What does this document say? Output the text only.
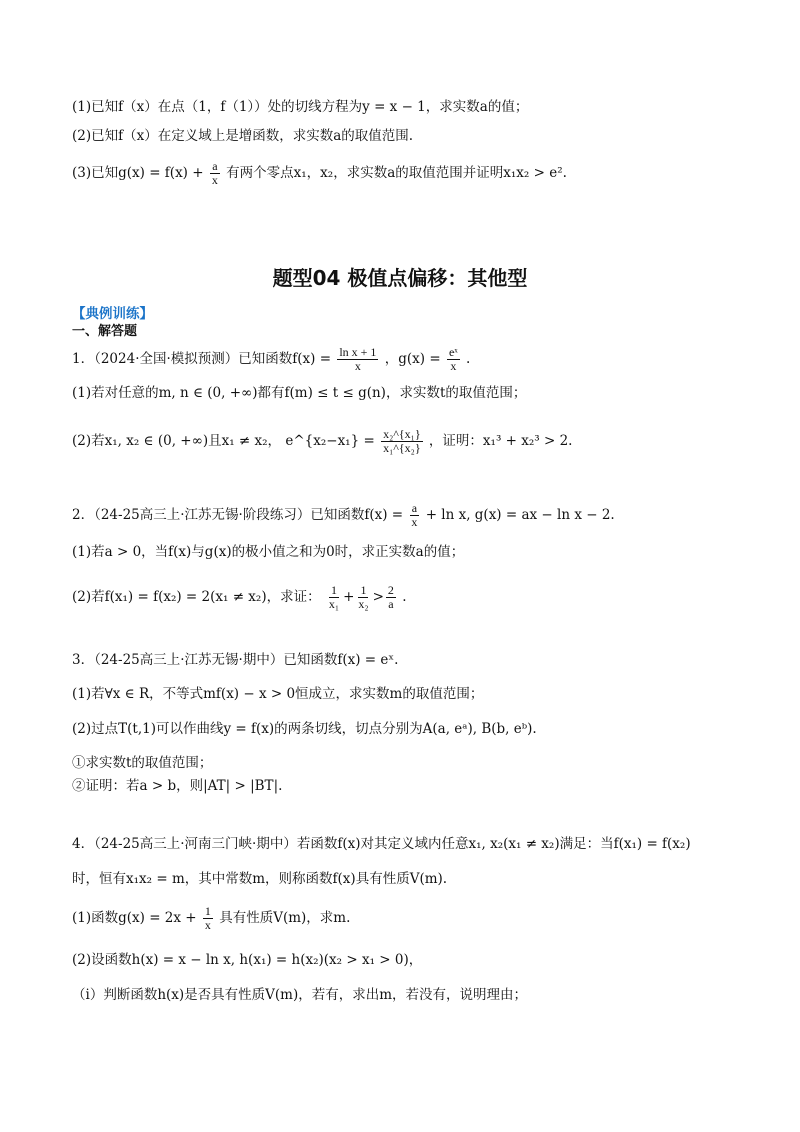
(1)已知f（x）在点（1，f（1））处的切线方程为y = x − 1，求实数a的值；
(2)已知f（x）在定义域上是增函数，求实数a的取值范围.
(3)已知$g(x) = f(x) + \frac{a}{x}$ 有两个零点x₁，x₂，求实数a的取值范围并证明x₁x₂ > e².
题型04 极值点偏移：其他型
【典例训练】
一、解答题
1．（2024·全国·模拟预测）已知函数$f(x) = \frac{\text{ln x + 1}}{x}$ ，$g(x) = \frac{\text{eˣ}}{x}$ .
(1)若对任意的m, n ∈ (0, +∞)都有f(m) ≤ t ≤ g(n)，求实数t的取值范围；
(2)若x₁, x₂ ∈ (0, +∞)且x₁ ≠ x₂， e^{x₂−x₁} = $\frac{\text{x₂\textasciicircum{}\{x₁\}}}{\text{x₁\textasciicircum{}\{x₂\}}}$ ，证明：x₁³ + x₂³ > 2.
2．（24-25高三上·江苏无锡·阶段练习）已知函数$f(x) = \frac{a}{x} + \ln x$, g(x) = ax − ln x − 2.
(1)若a > 0，当f(x)与g(x)的极小值之和为0时，求正实数a的值；
(2)若f(x₁) = f(x₂) = 2(x₁ ≠ x₂)，求证： $\frac{1}{\text{x₁}} + \frac{1}{\text{x₂}} > \frac{2}{a}$ .
3．（24-25高三上·江苏无锡·期中）已知函数f(x) = eˣ.
(1)若∀x ∈ R，不等式mf(x) − x > 0恒成立，求实数m的取值范围；
(2)过点T(t,1)可以作曲线y = f(x)的两条切线，切点分别为A(a, eᵃ), B(b, eᵇ).
①求实数t的取值范围；
②证明：若a > b，则|AT| > |BT|.
4．（24-25高三上·河南三门峡·期中）若函数f(x)对其定义域内任意x₁, x₂(x₁ ≠ x₂)满足：当f(x₁) = f(x₂)
时，恒有x₁x₂ = m，其中常数m，则称函数f(x)具有性质V(m).
(1)函数$g(x) = 2x + \frac{1}{x}$ 具有性质V(m)，求m.
(2)设函数h(x) = x − ln x, h(x₁) = h(x₂)(x₂ > x₁ > 0)，
（ⅰ）判断函数h(x)是否具有性质V(m)，若有，求出m，若没有，说明理由；
